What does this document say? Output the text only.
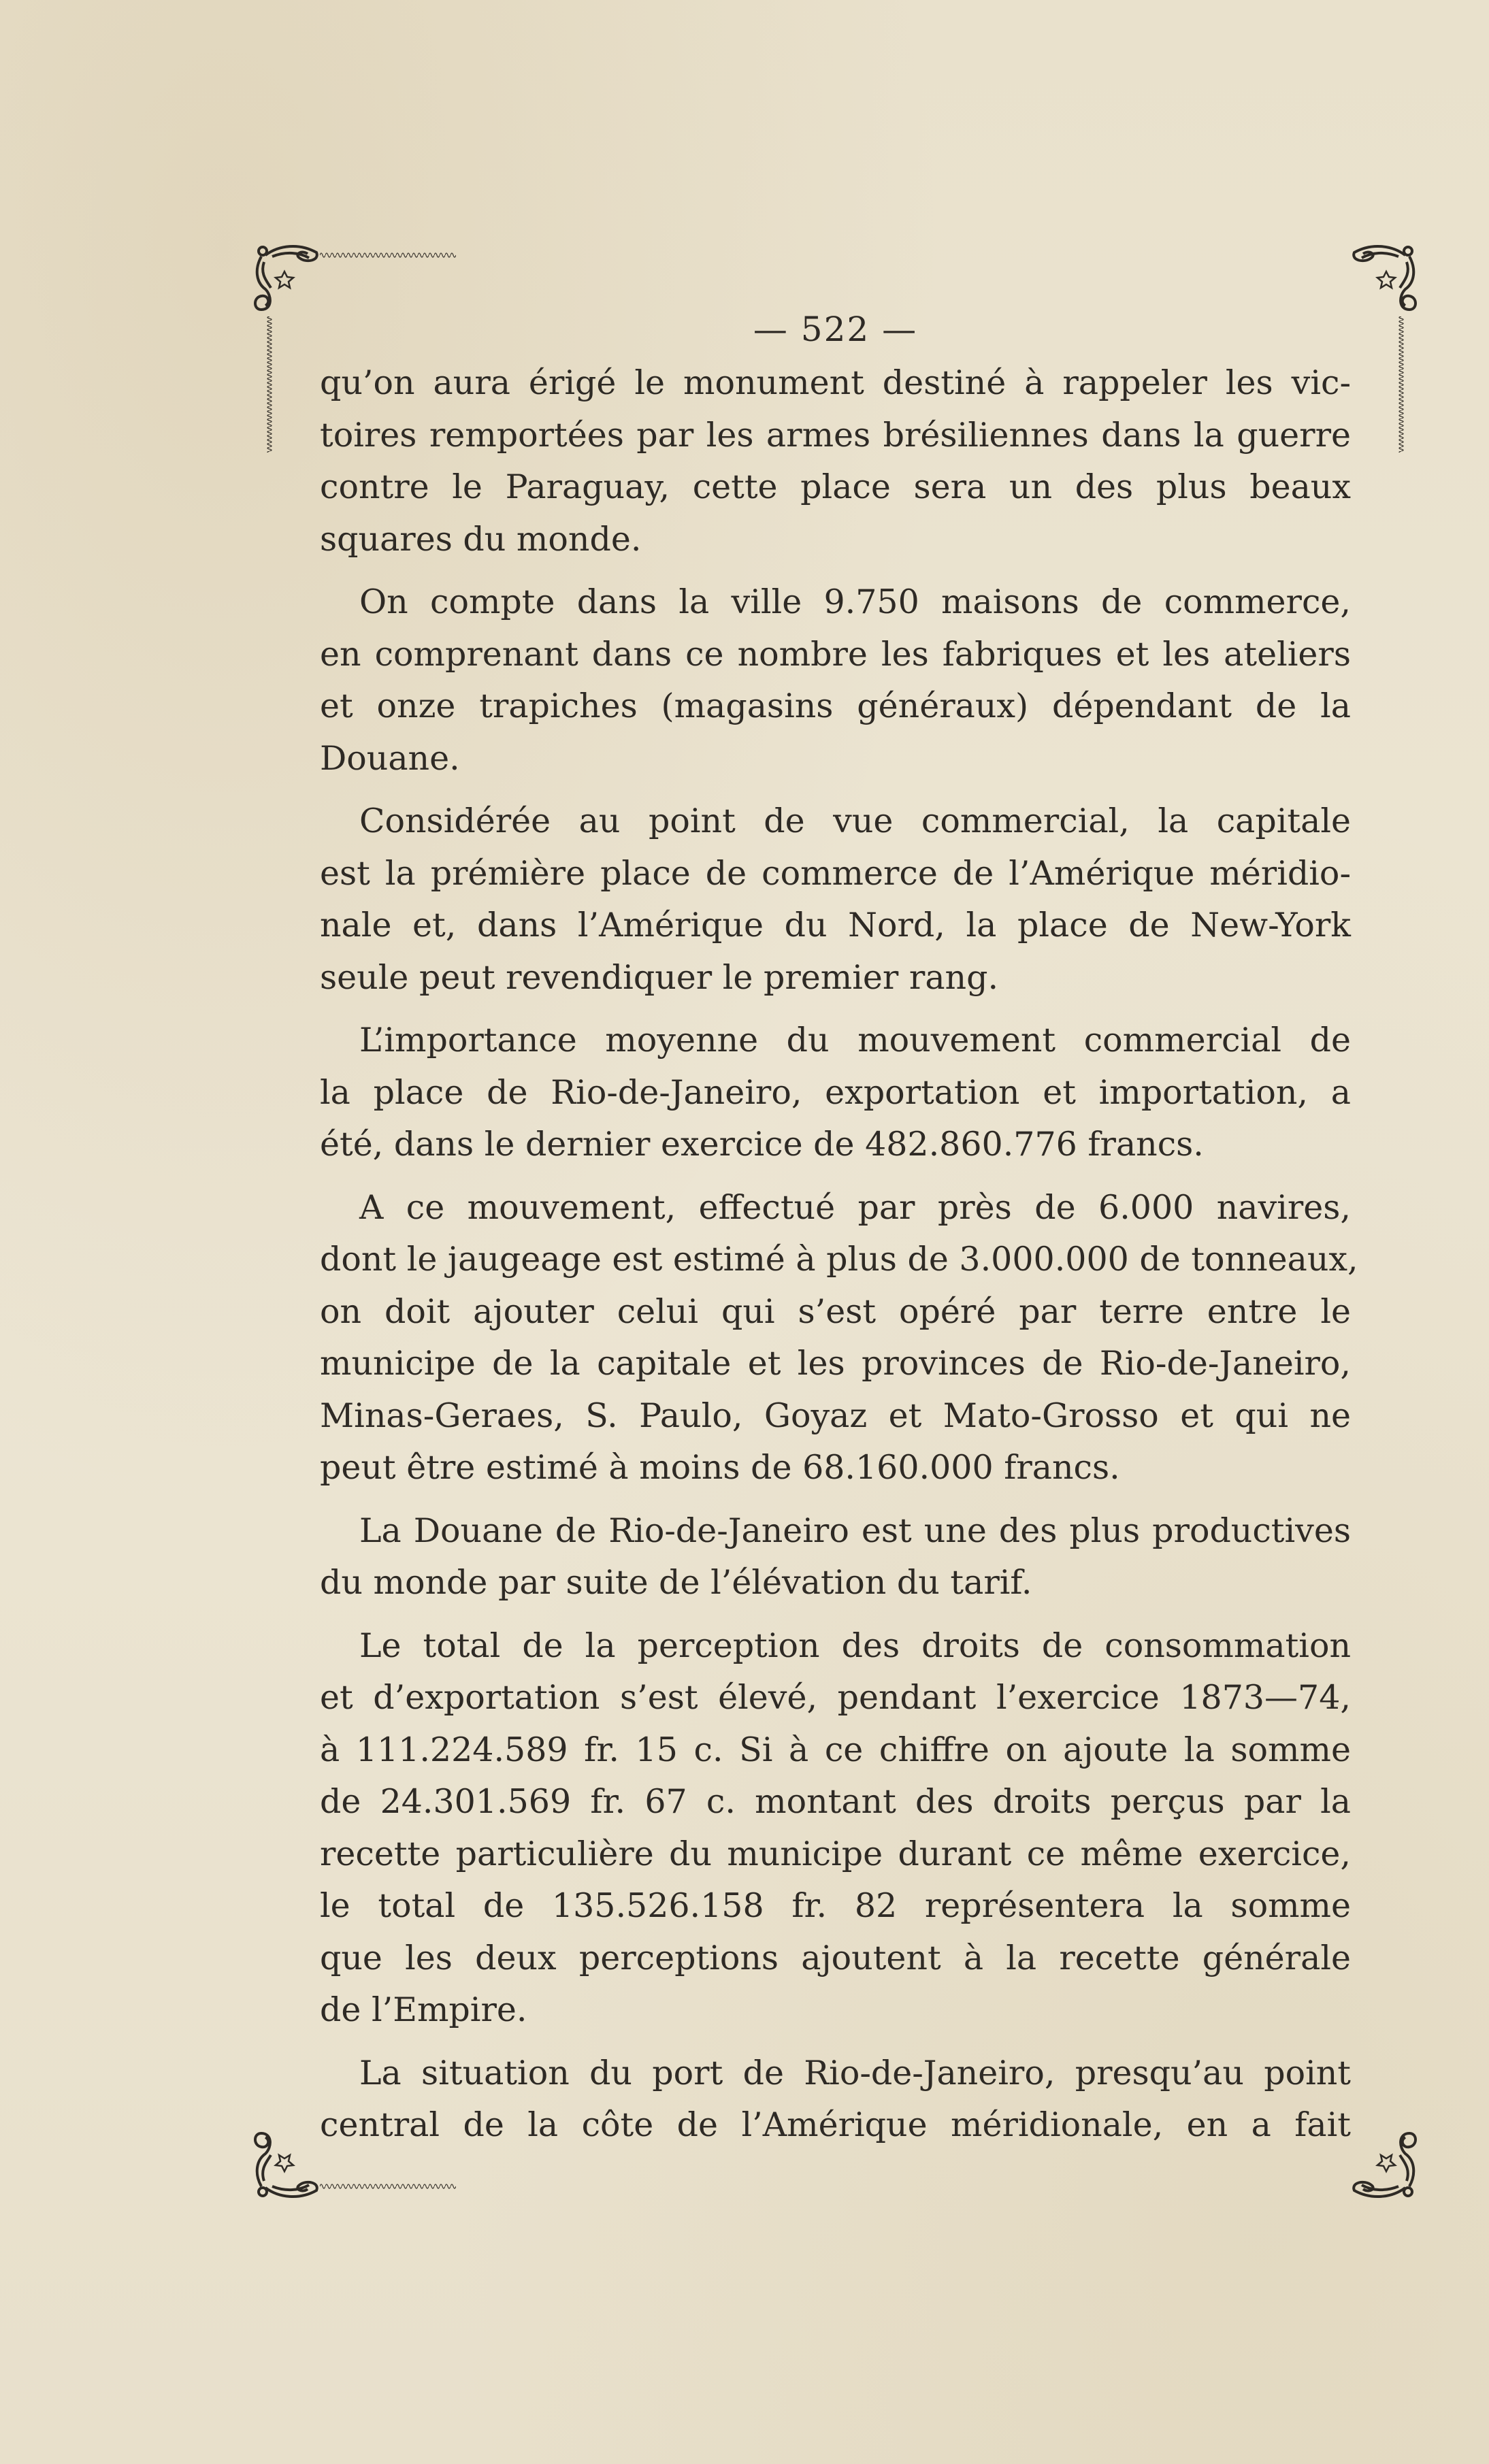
— 522 —
qu’on aura érigé le monument destiné à rappeler les vic-
toires remportées par les armes brésiliennes dans la guerre
contre le Paraguay, cette place sera un des plus beaux
squares du monde.
On compte dans la ville 9.750 maisons de commerce,
en comprenant dans ce nombre les fabriques et les ateliers
et onze trapiches (magasins généraux) dépendant de la
Douane.
Considérée au point de vue commercial, la capitale
est la prémière place de commerce de l’Amérique méridio-
nale et, dans l’Amérique du Nord, la place de New-York
seule peut revendiquer le premier rang.
L’importance moyenne du mouvement commercial de
la place de Rio-de-Janeiro, exportation et importation, a
été, dans le dernier exercice de 482.860.776 francs.
A ce mouvement, effectué par près de 6.000 navires,
dont le jaugeage est estimé à plus de 3.000.000 de tonneaux,
on doit ajouter celui qui s’est opéré par terre entre le
municipe de la capitale et les provinces de Rio-de-Janeiro,
Minas-Geraes, S. Paulo, Goyaz et Mato-Grosso et qui ne
peut être estimé à moins de 68.160.000 francs.
La Douane de Rio-de-Janeiro est une des plus productives
du monde par suite de l’élévation du tarif.
Le total de la perception des droits de consommation
et d’exportation s’est élevé, pendant l’exercice 1873—74,
à 111.224.589 fr. 15 c. Si à ce chiffre on ajoute la somme
de 24.301.569 fr. 67 c. montant des droits perçus par la
recette particulière du municipe durant ce même exercice,
le total de 135.526.158 fr. 82 représentera la somme
que les deux perceptions ajoutent à la recette générale
de l’Empire.
La situation du port de Rio-de-Janeiro, presqu’au point
central de la côte de l’Amérique méridionale, en a fait
